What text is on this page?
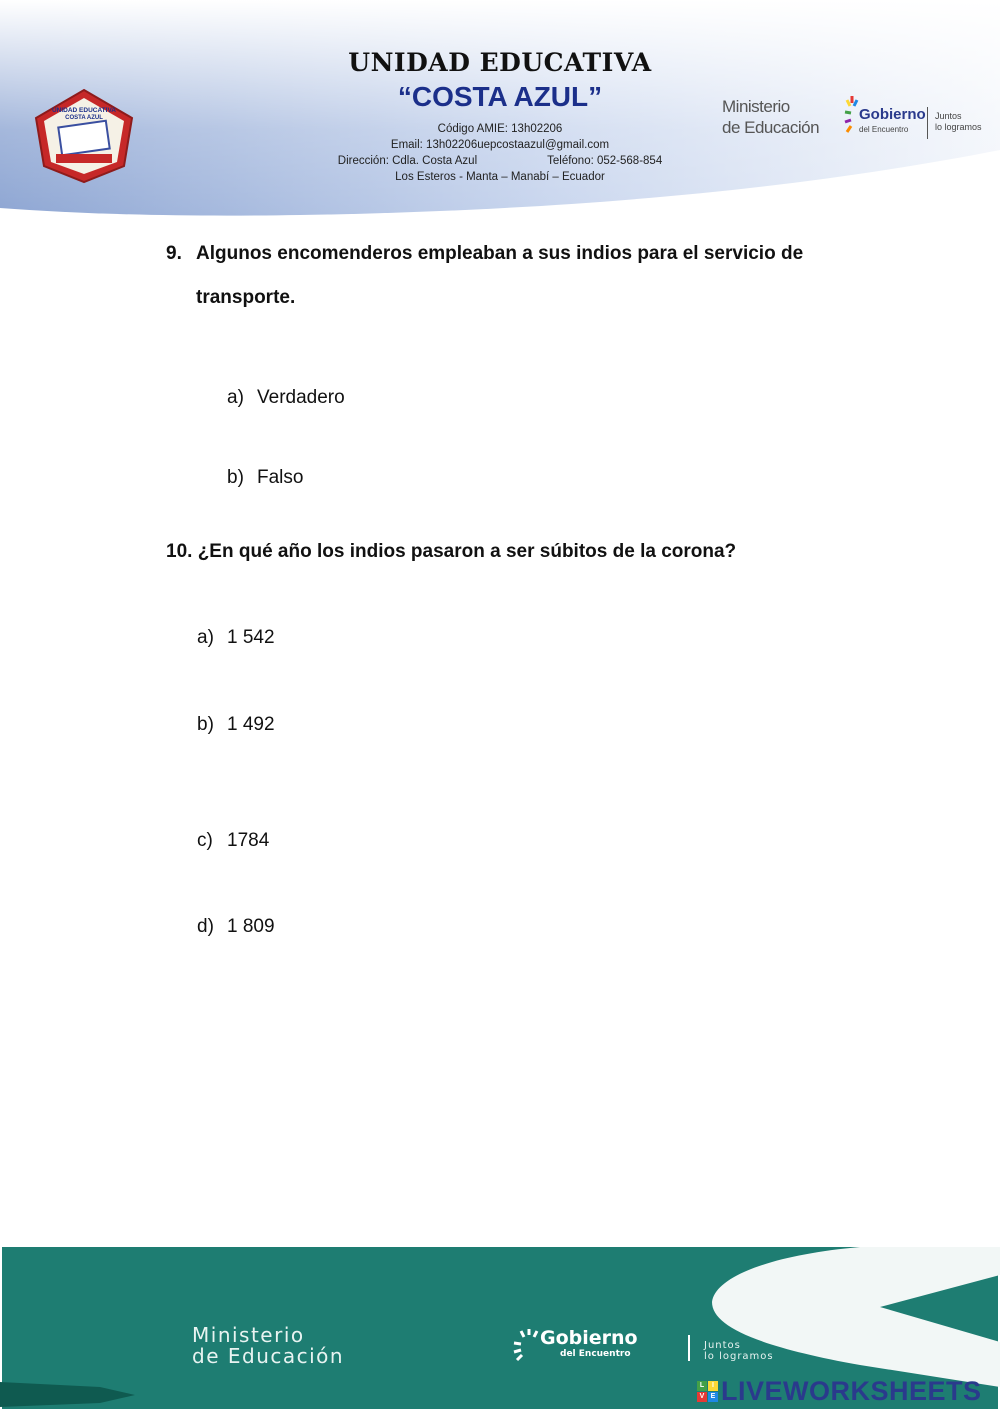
UNIDAD EDUCATIVA
COSTA AZUL
UNIDAD EDUCATIVA
“COSTA AZUL”
Código AMIE: 13h02206
Email: 13h02206uepcostaazul@gmail.com
Dirección: Cdla. Costa Azul	Teléfono: 052-568-854
Los Esteros - Manta – Manabí – Ecuador
Ministerio
de Educación
Gobierno
del Encuentro
Juntos
lo logramos
9. Algunos encomenderos empleaban a sus indios para el servicio de
transporte.
a) Verdadero
b) Falso
10. ¿En qué año los indios pasaron a ser súbitos de la corona?
a) 1 542
b) 1 492
c) 1784
d) 1 809
Ministerio
de Educación
Gobierno
del Encuentro
Juntos
lo logramos
L	I
V E LIVEWORKSHEETS
